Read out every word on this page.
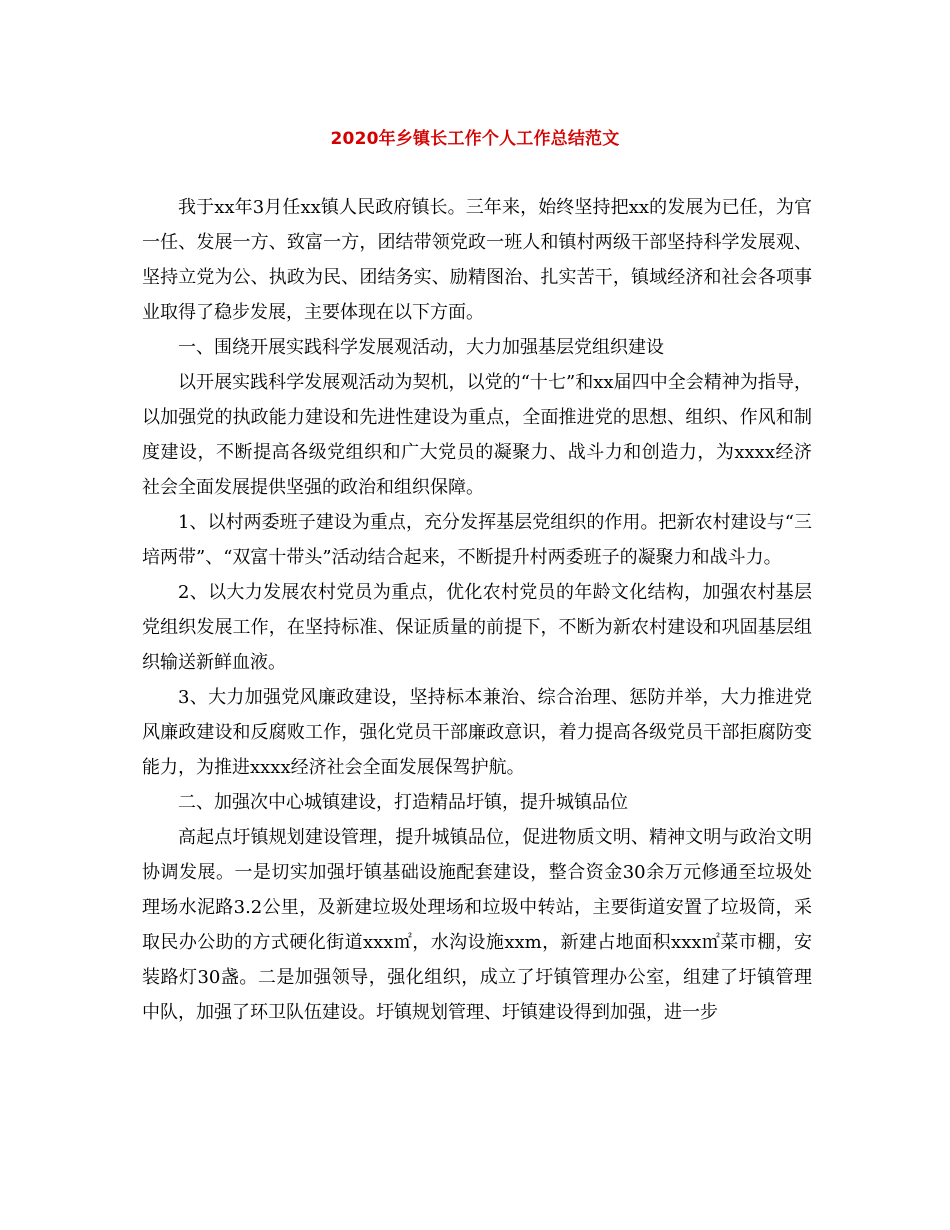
2020年乡镇长工作个人工作总结范文

我于xx年3月任xx镇人民政府镇长。三年来，始终坚持把xx的发展为已任，为官一任、发展一方、致富一方，团结带领党政一班人和镇村两级干部坚持科学发展观、坚持立党为公、执政为民、团结务实、励精图治、扎实苦干，镇域经济和社会各项事业取得了稳步发展，主要体现在以下方面。

一、围绕开展实践科学发展观活动，大力加强基层党组织建设

以开展实践科学发展观活动为契机，以党的“十七”和xx届四中全会精神为指导，以加强党的执政能力建设和先进性建设为重点，全面推进党的思想、组织、作风和制度建设，不断提高各级党组织和广大党员的凝聚力、战斗力和创造力，为xxxx经济社会全面发展提供坚强的政治和组织保障。

1、以村两委班子建设为重点，充分发挥基层党组织的作用。把新农村建设与“三培两带”、“双富十带头”活动结合起来，不断提升村两委班子的凝聚力和战斗力。

2、以大力发展农村党员为重点，优化农村党员的年龄文化结构，加强农村基层党组织发展工作，在坚持标准、保证质量的前提下，不断为新农村建设和巩固基层组织输送新鲜血液。

3、大力加强党风廉政建设，坚持标本兼治、综合治理、惩防并举，大力推进党风廉政建设和反腐败工作，强化党员干部廉政意识，着力提高各级党员干部拒腐防变能力，为推进xxxx经济社会全面发展保驾护航。

二、加强次中心城镇建设，打造精品圩镇，提升城镇品位

高起点圩镇规划建设管理，提升城镇品位，促进物质文明、精神文明与政治文明协调发展。一是切实加强圩镇基础设施配套建设，整合资金30余万元修通至垃圾处理场水泥路3.2公里，及新建垃圾处理场和垃圾中转站，主要街道安置了垃圾筒，采取民办公助的方式硬化街道xxx㎡，水沟设施xxm，新建占地面积xxx㎡菜市棚，安装路灯30盏。二是加强领导，强化组织，成立了圩镇管理办公室，组建了圩镇管理中队，加强了环卫队伍建设。圩镇规划管理、圩镇建设得到加强，进一步
